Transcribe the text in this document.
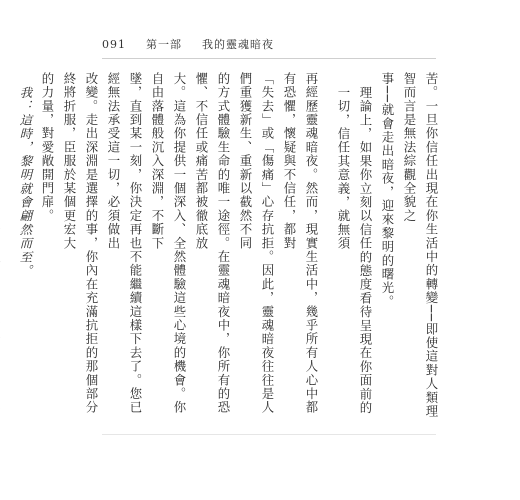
091 第一部 我的靈魂暗夜

苦。一旦你信任出現在你生活中的轉變──即使這對人類理智而言是無法綜觀全貌之

事──就會走出暗夜，迎來黎明的曙光。

理論上，如果你立刻以信任的態度看待呈現在你面前的一切，信任其意義，就無須

再經歷靈魂暗夜。然而，現實生活中，幾乎所有人心中都有恐懼，懷疑與不信任，都對

「失去」或「傷痛」心存抗拒。因此，靈魂暗夜往往是人們重獲新生、重新以截然不同

的方式體驗生命的唯一途徑。在靈魂暗夜中，你所有的恐懼、不信任或痛苦都被徹底放

大。這為你提供一個深入、全然體驗這些心境的機會。你自由落體般沉入深淵，不斷下

墜，直到某一刻，你決定再也不能繼續這樣下去了。您已經無法承受這一切，必須做出

改變。走出深淵是選擇的事，你內在充滿抗拒的那個部分終將折服，臣服於某個更宏大

的力量，對愛敞開門扉。

我：這時，黎明就會翩然而至。
